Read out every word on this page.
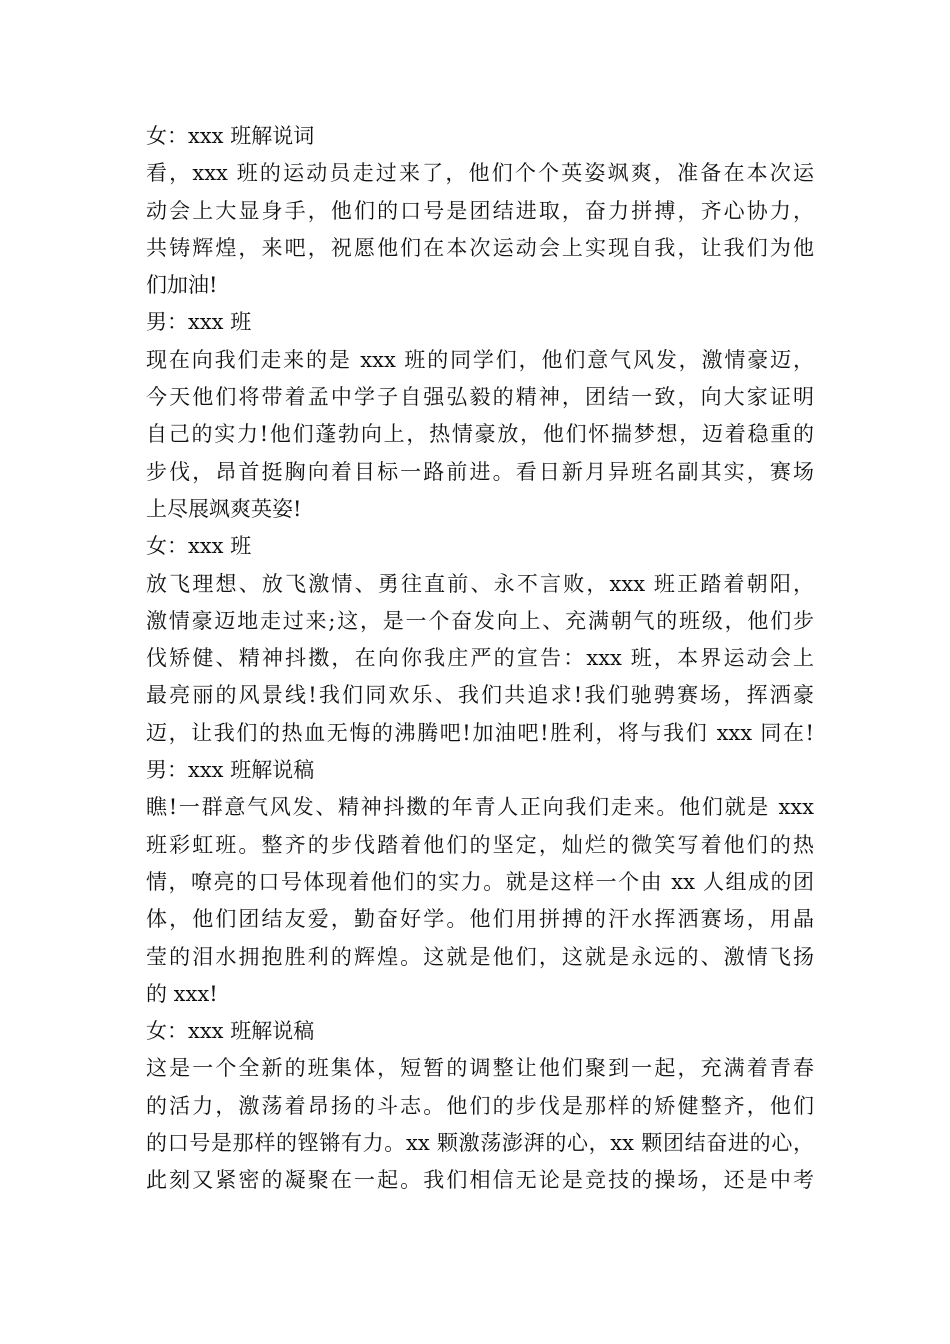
女：xxx 班解说词
看，xxx 班的运动员走过来了，他们个个英姿飒爽，准备在本次运
动会上大显身手，他们的口号是团结进取，奋力拼搏，齐心协力，
共铸辉煌，来吧，祝愿他们在本次运动会上实现自我，让我们为他
们加油!
男：xxx 班
现在向我们走来的是 xxx 班的同学们，他们意气风发，激情豪迈，
今天他们将带着孟中学子自强弘毅的精神，团结一致，向大家证明
自己的实力!他们蓬勃向上，热情豪放，他们怀揣梦想，迈着稳重的
步伐，昂首挺胸向着目标一路前进。看日新月异班名副其实，赛场
上尽展飒爽英姿!
女：xxx 班
放飞理想、放飞激情、勇往直前、永不言败，xxx 班正踏着朝阳，
激情豪迈地走过来;这，是一个奋发向上、充满朝气的班级，他们步
伐矫健、精神抖擞，在向你我庄严的宣告：xxx 班，本界运动会上
最亮丽的风景线!我们同欢乐、我们共追求!我们驰骋赛场，挥洒豪
迈，让我们的热血无悔的沸腾吧!加油吧!胜利，将与我们 xxx 同在!
男：xxx 班解说稿
瞧!一群意气风发、精神抖擞的年青人正向我们走来。他们就是 xxx
班彩虹班。整齐的步伐踏着他们的坚定，灿烂的微笑写着他们的热
情，嘹亮的口号体现着他们的实力。就是这样一个由 xx 人组成的团
体，他们团结友爱，勤奋好学。他们用拼搏的汗水挥洒赛场，用晶
莹的泪水拥抱胜利的辉煌。这就是他们，这就是永远的、激情飞扬
的 xxx!
女：xxx 班解说稿
这是一个全新的班集体，短暂的调整让他们聚到一起，充满着青春
的活力，激荡着昂扬的斗志。他们的步伐是那样的矫健整齐，他们
的口号是那样的铿锵有力。xx 颗激荡澎湃的心，xx 颗团结奋进的心，
此刻又紧密的凝聚在一起。我们相信无论是竞技的操场，还是中考
